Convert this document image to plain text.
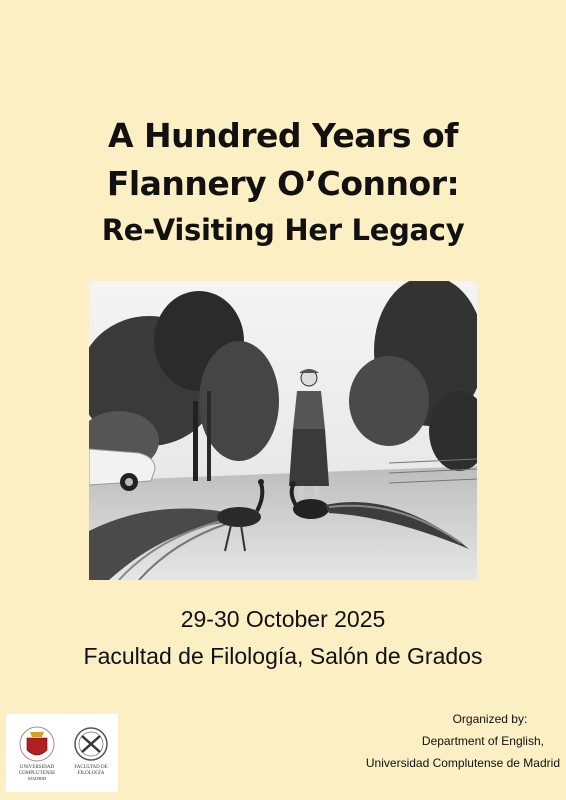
A Hundred Years of
Flannery O’Connor:
Re-Visiting Her Legacy
29-30 October 2025
Facultad de Filología, Salón de Grados
UNIVERSIDAD
COMPLUTENSE
MADRID
FACULTAD DE
FILOLOGÍA
Organized by:
Department of English,
Universidad Complutense de Madrid
